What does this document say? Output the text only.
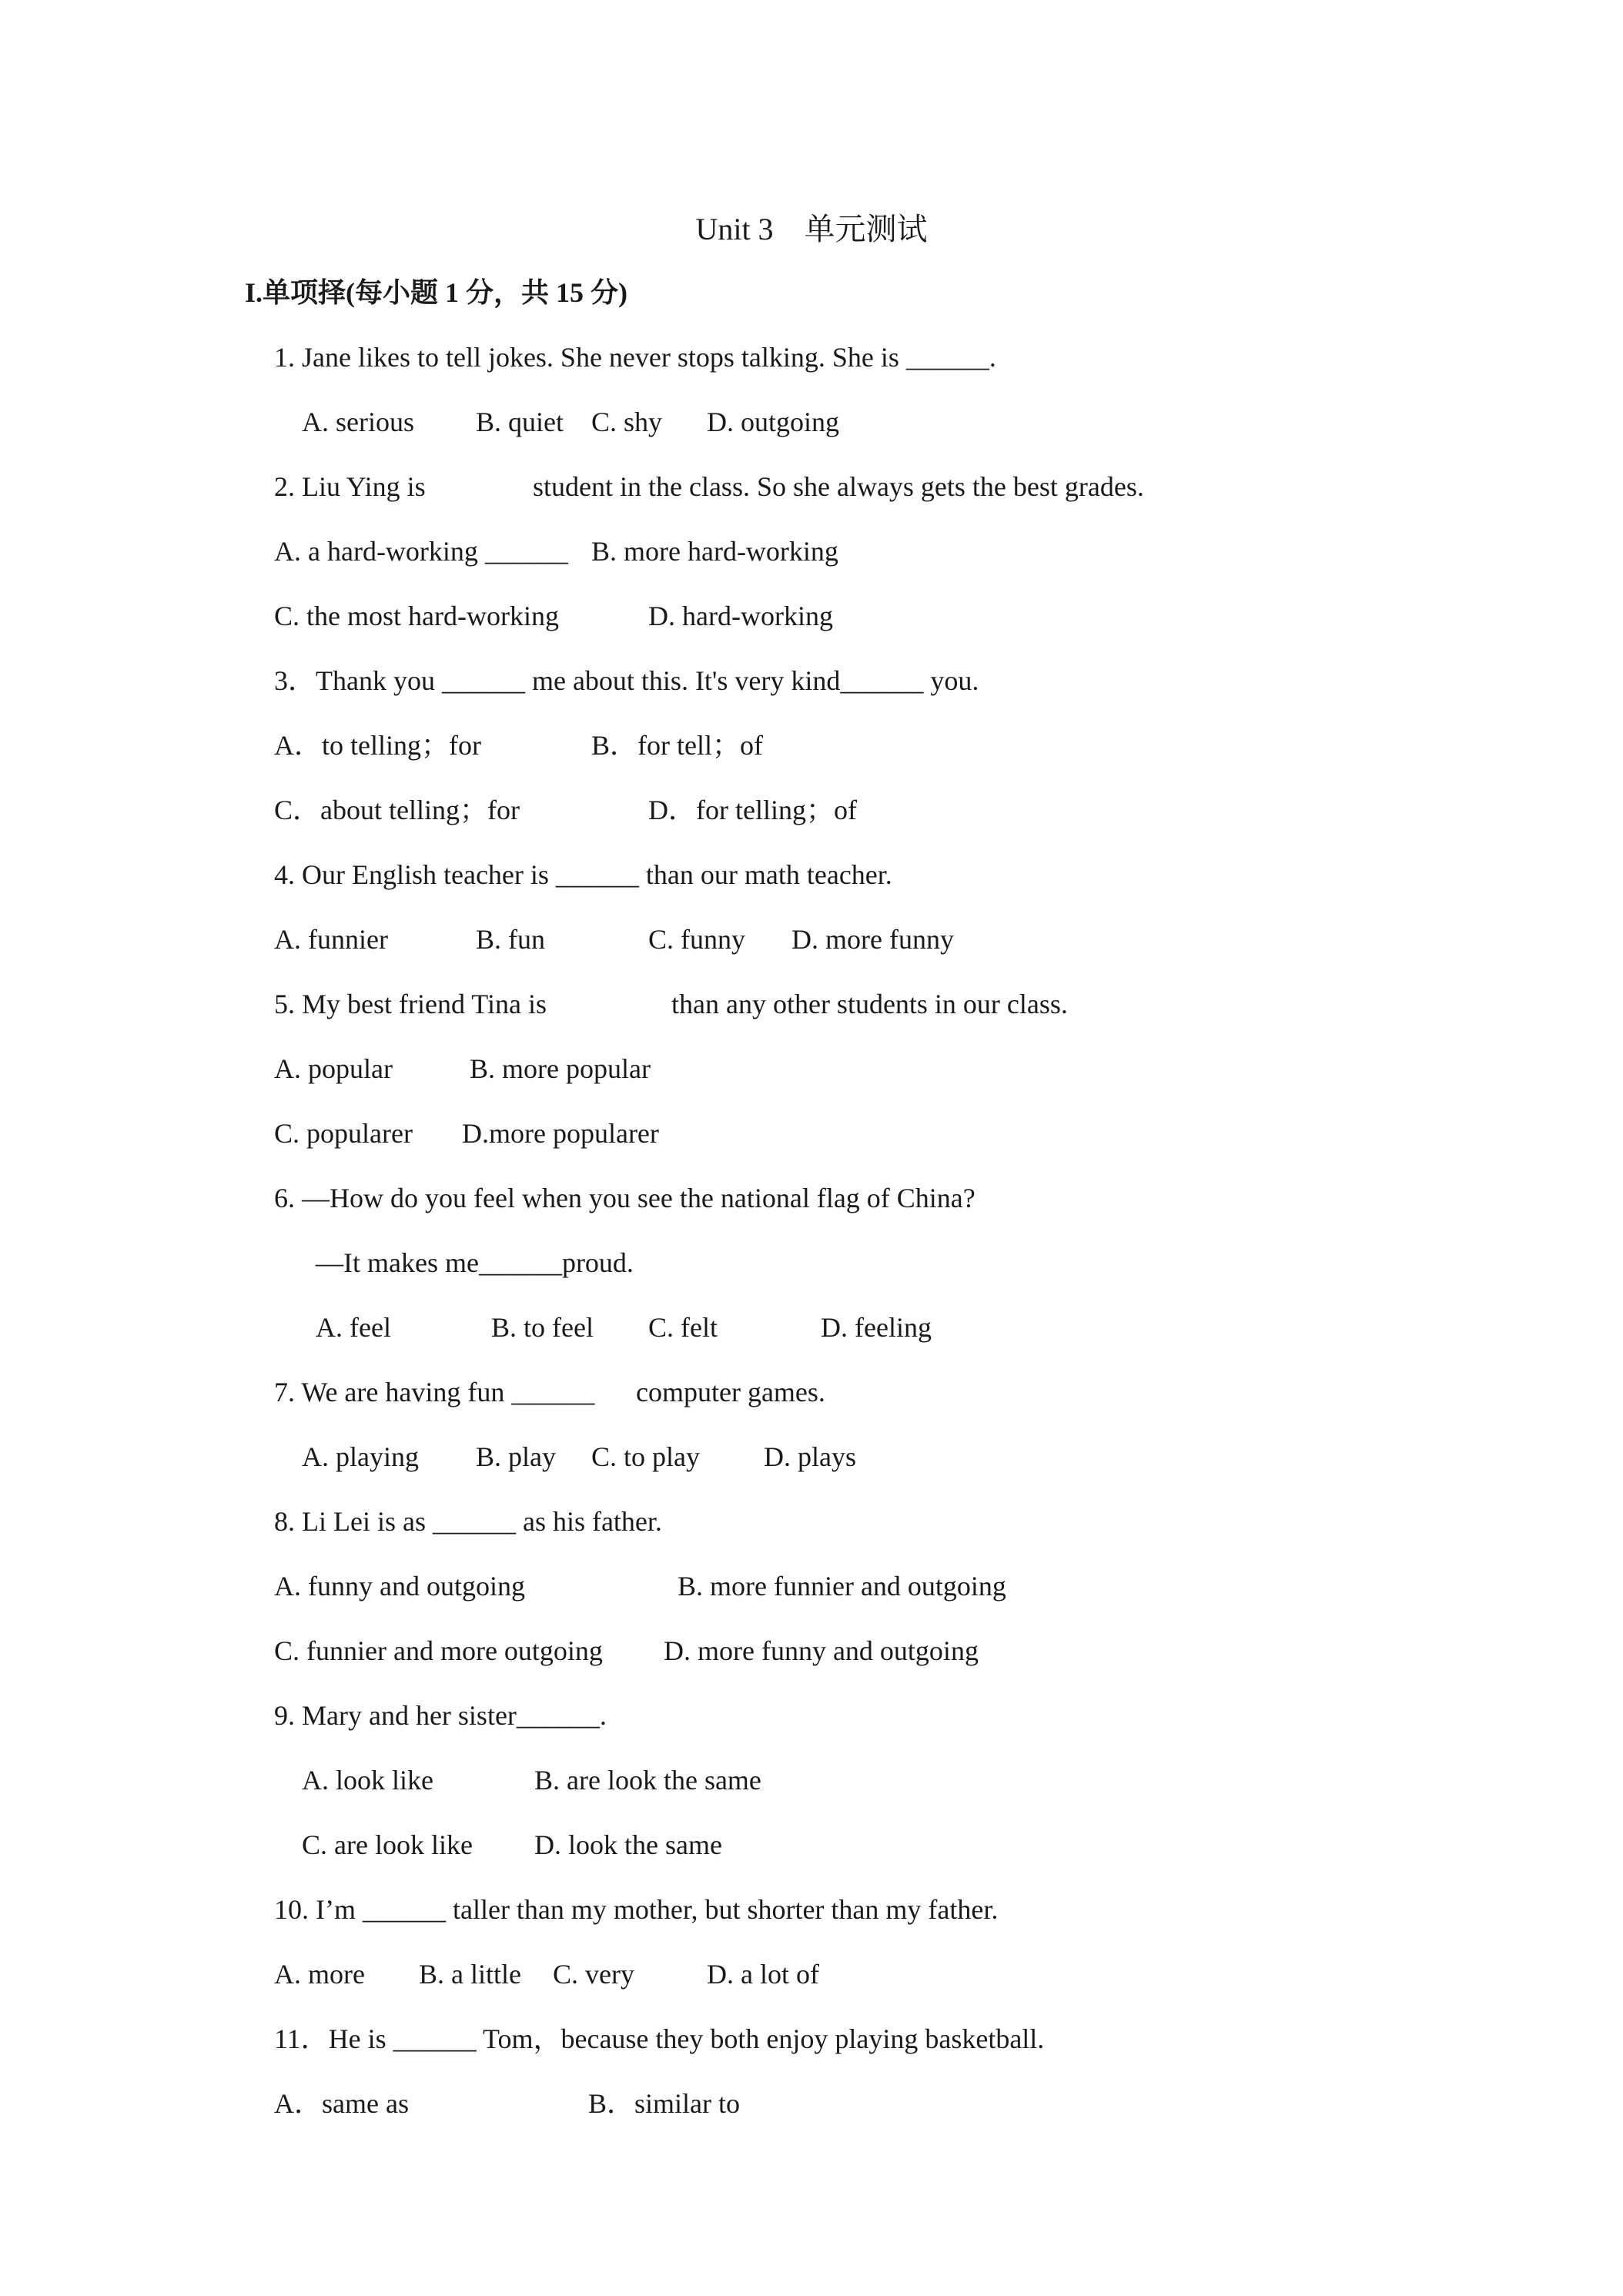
Unit 3　单元测试
I.单项择(每小题 1 分，共 15 分)
1. Jane likes to tell jokes. She never stops talking. She is ______.
A. serious B. quiet C. shy D. outgoing
2. Liu Ying is	student in the class. So she always gets the best grades.
A. a hard-working ______ B. more hard-working
C. the most hard-working	D. hard-working
3．Thank you ______ me about this. It's very kind______ you.
A．to telling；for	B．for tell；of
C．about telling；for	D．for telling；of
4. Our English teacher is ______ than our math teacher.
A. funnier	B. fun	C. funny D. more funny
5. My best friend Tina is	than any other students in our class.
A. popular	B. more popular
C. popularer D.more popularer
6. —How do you feel when you see the national flag of China?
—It makes me______proud.
A. feel	B. to feel C. felt	D. feeling
7. We are having fun ______ computer games.
A. playing B. play C. to play D. plays
8. Li Lei is as ______ as his father.
A. funny and outgoing	B. more funnier and outgoing
C. funnier and more outgoing D. more funny and outgoing
9. Mary and her sister______.
A. look like	B. are look the same
C. are look like D. look the same
10. I’m ______ taller than my mother, but shorter than my father.
A. more B. a little C. very	D. a lot of
11．He is ______ Tom，because they both enjoy playing basketball.
A．same as	B．similar to
